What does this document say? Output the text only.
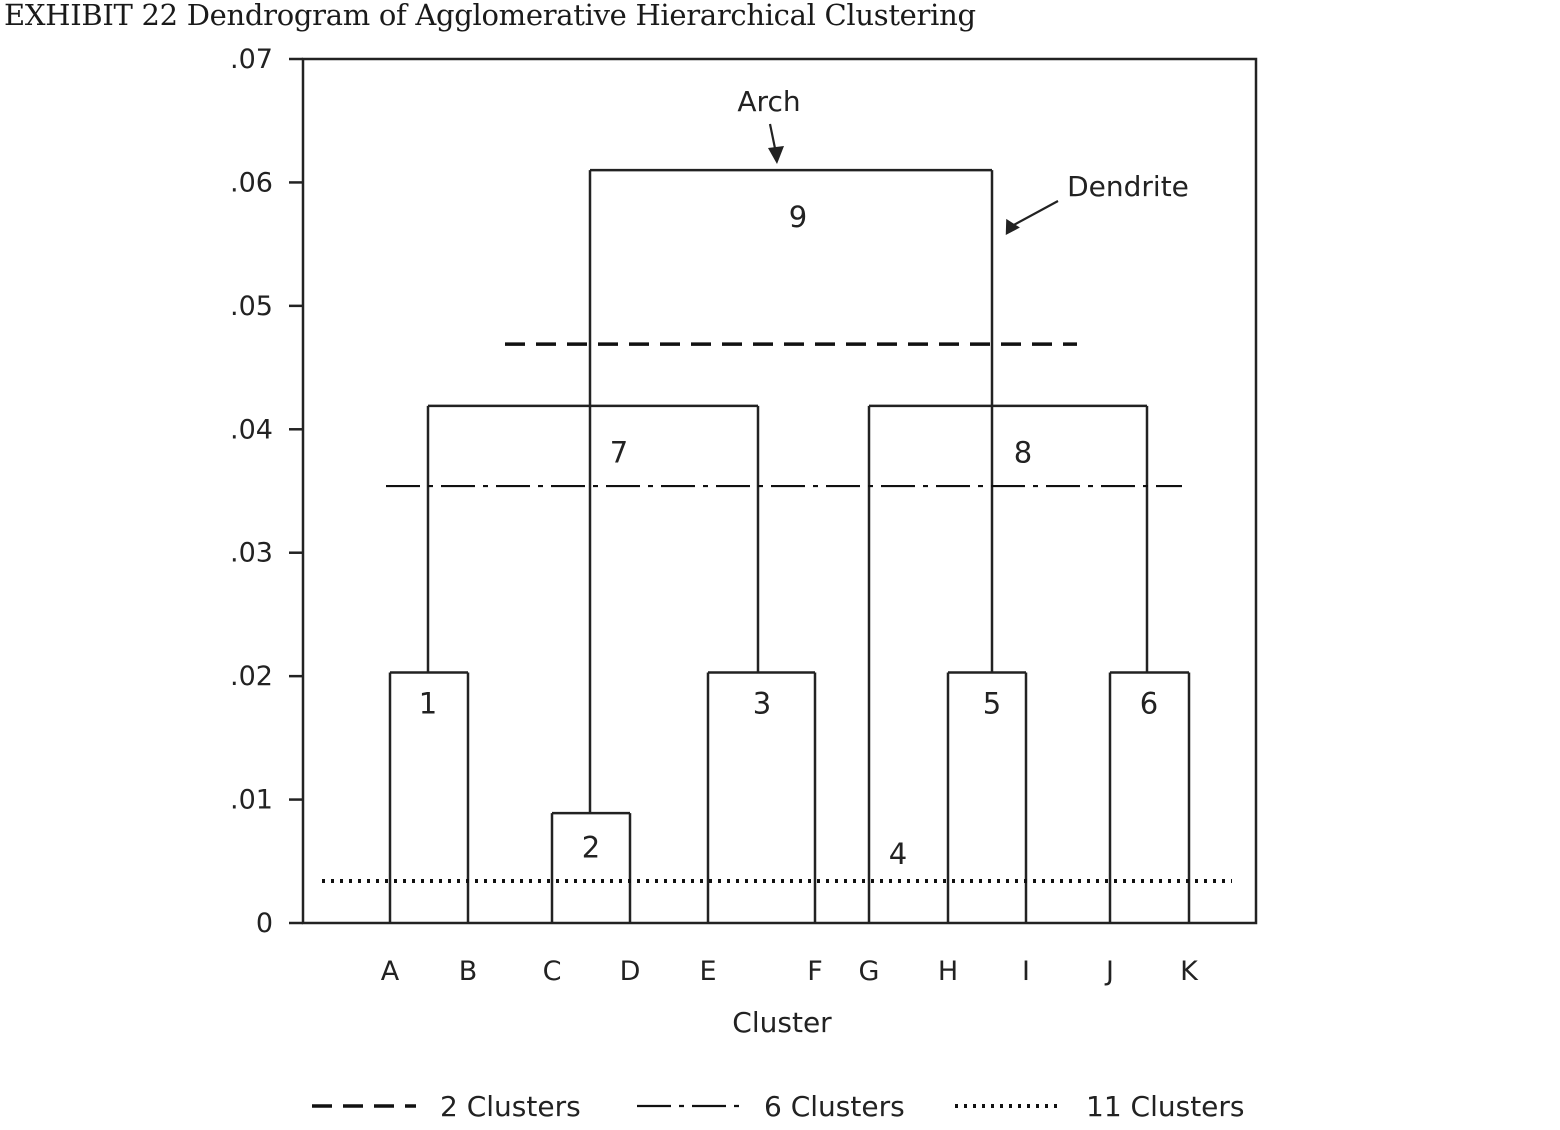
EXHIBIT 22 Dendrogram of Agglomerative Hierarchical Clustering
1
2
3
4
5	6
7	8
9
0
.01
.02
.03
.04
.05
.06
.07
A B C D E	F G H I	J K
Cluster
Arch
Dendrite
2 Clusters	6 Clusters	11 Clusters
